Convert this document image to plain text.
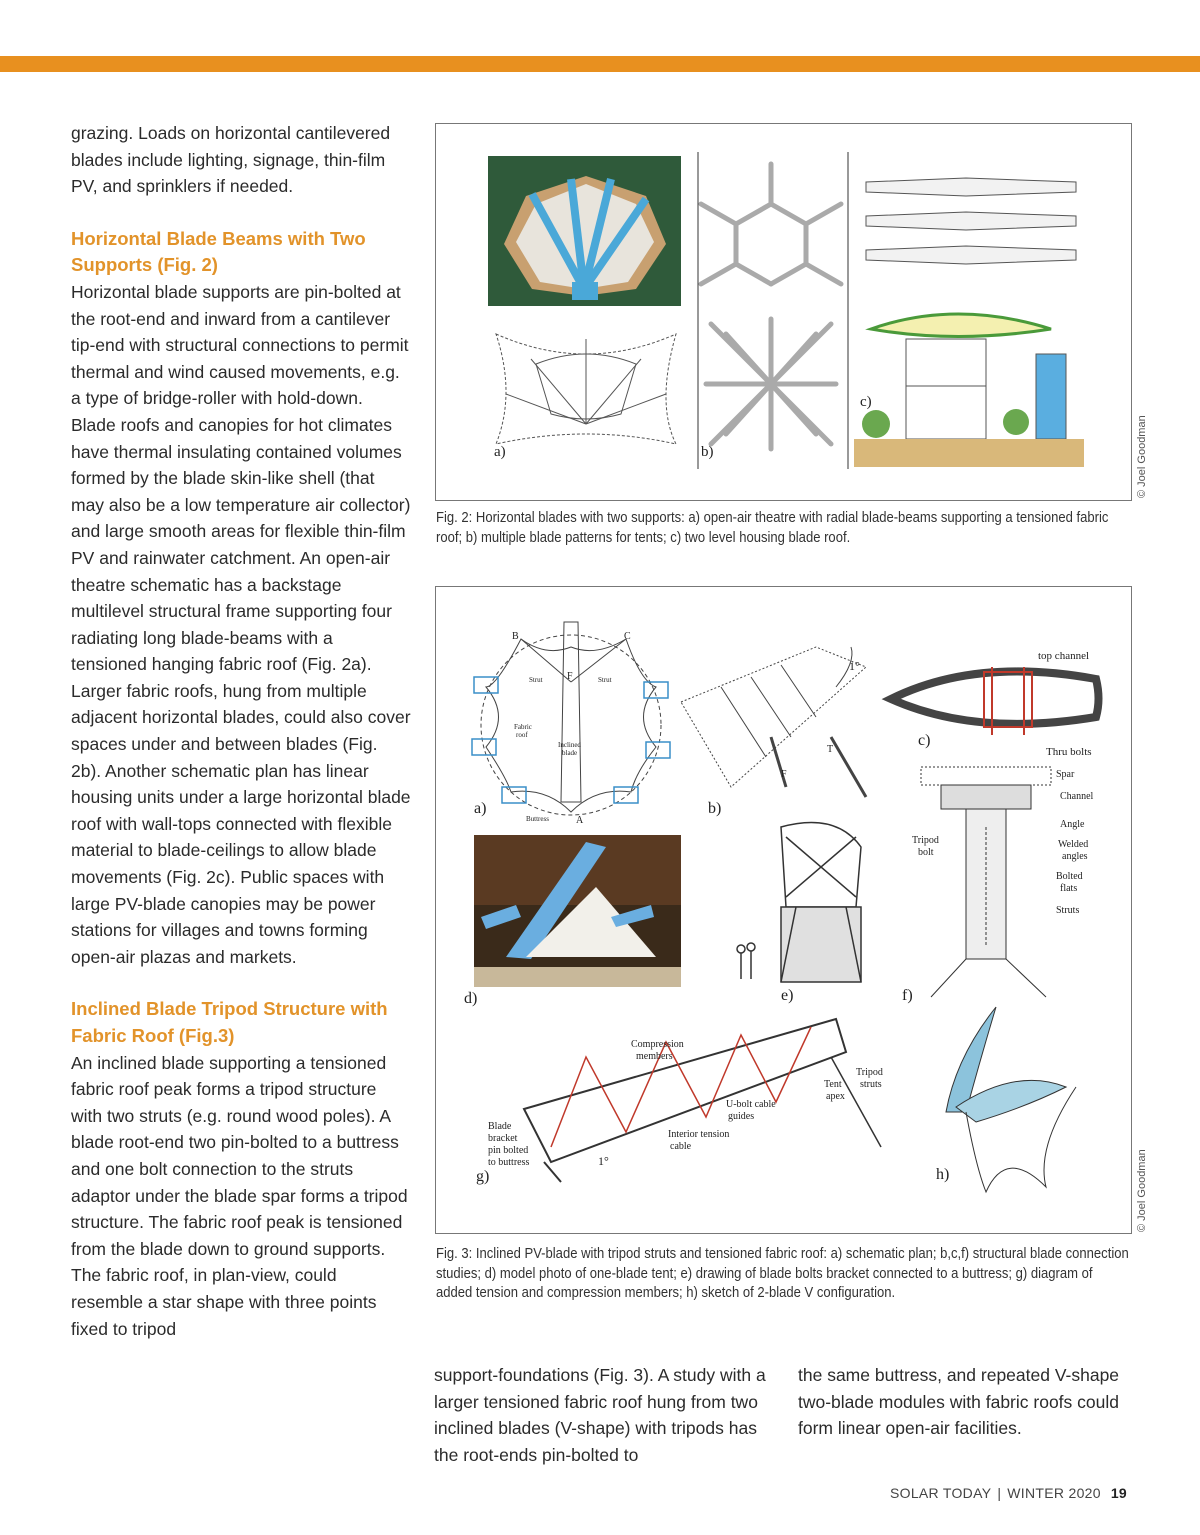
grazing. Loads on horizontal cantilevered blades include lighting, signage, thin-film PV, and sprinklers if needed.

Horizontal Blade Beams with Two Supports (Fig. 2)

Horizontal blade supports are pin-bolted at the root-end and inward from a cantilever tip-end with structural connections to permit thermal and wind caused movements, e.g. a type of bridge-roller with hold-down. Blade roofs and canopies for hot climates have thermal insulating contained volumes formed by the blade skin-like shell (that may also be a low temperature air collector) and large smooth areas for flexible thin-film PV and rainwater catchment. An open-air theatre schematic has a backstage multilevel structural frame supporting four radiating long blade-beams with a tensioned hanging fabric roof (Fig. 2a). Larger fabric roofs, hung from multiple adjacent horizontal blades, could also cover spaces under and between blades (Fig. 2b). Another schematic plan has linear housing units under a large horizontal blade roof with wall-tops connected with flexible material to blade-ceilings to allow blade movements (Fig. 2c). Public spaces with large PV-blade canopies may be power stations for villages and towns forming open-air plazas and markets.

Inclined Blade Tripod Structure with Fabric Roof (Fig.3)

An inclined blade supporting a tensioned fabric roof peak forms a tripod structure with two struts (e.g. round wood poles). A blade root-end two pin-bolted to a buttress and one bolt connection to the struts adaptor under the blade spar forms a tripod structure. The fabric roof peak is tensioned from the blade down to ground supports. The fabric roof, in plan-view, could resemble a star shape with three points fixed to tripod

a)	b)
c)
© Joel Goodman

Fig. 2: Horizontal blades with two supports: a) open-air theatre with radial blade-beams supporting a tensioned fabric roof; b) multiple blade patterns for tents; c) two level housing blade roof.

B	C
F
Strut	Strut
Fabric
roof
Inclined
blade
Buttress	A
a)
1°
T
F
b)
top channel
Thru bolts
c)
d)	e)
Spar
Channel
Angle
Welded
angles
Bolted
flats
Struts
Tripod
bolt
f)
Compression
members
Tent
apex
Tripod
struts
U-bolt cable
guides
Interior tension
cable
Blade
bracket
pin bolted
to buttress	1°
g)	h)	© Joel Goodman

Fig. 3: Inclined PV-blade with tripod struts and tensioned fabric roof: a) schematic plan; b,c,f) structural blade connection studies; d) model photo of one-blade tent; e) drawing of blade bolts bracket connected to a buttress; g) diagram of added tension and compression members; h) sketch of 2-blade V configuration.

support-foundations (Fig. 3). A study with a larger tensioned fabric roof hung from two inclined blades (V-shape) with tripods has the root-ends pin-bolted to

the same buttress, and repeated V-shape two-blade modules with fabric roofs could form linear open-air facilities.

SOLAR TODAY | WINTER 2020 19
